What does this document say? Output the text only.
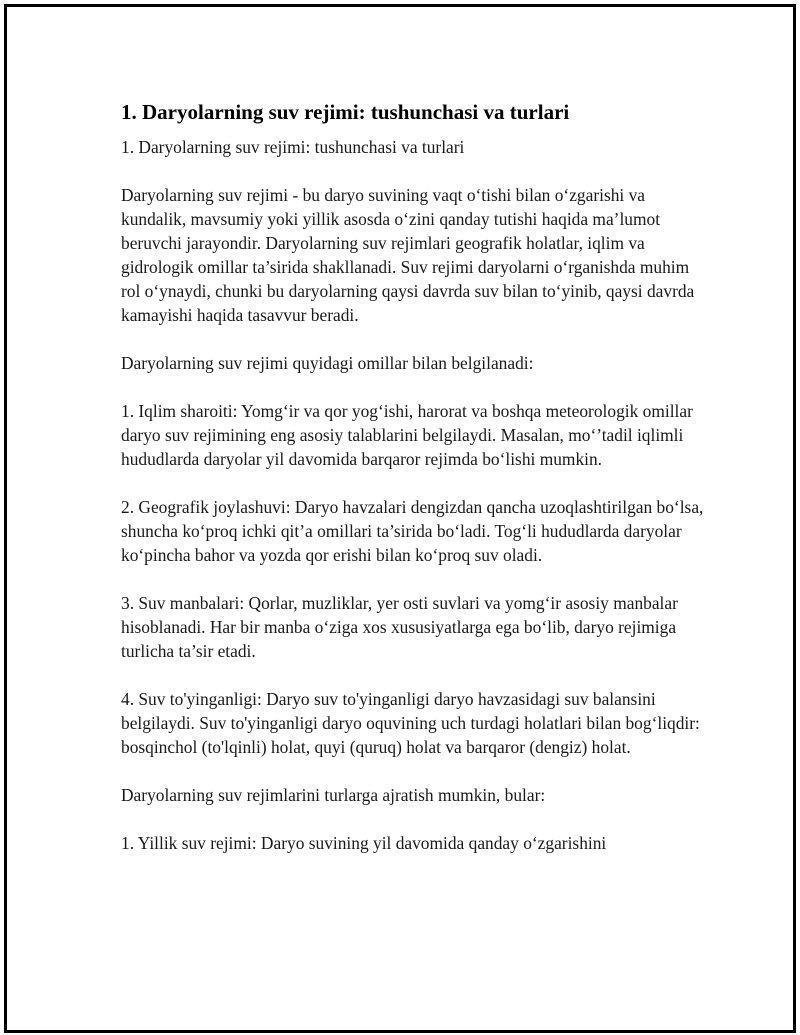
1. Daryolarning suv rejimi: tushunchasi va turlari

1. Daryolarning suv rejimi: tushunchasi va turlari

Daryolarning suv rejimi - bu daryo suvining vaqt o‘tishi bilan o‘zgarishi va kundalik, mavsumiy yoki yillik asosda o‘zini qanday tutishi haqida ma’lumot beruvchi jarayondir. Daryolarning suv rejimlari geografik holatlar, iqlim va gidrologik omillar ta’sirida shakllanadi. Suv rejimi daryolarni o‘rganishda muhim rol o‘ynaydi, chunki bu daryolarning qaysi davrda suv bilan to‘yinib, qaysi davrda kamayishi haqida tasavvur beradi.

Daryolarning suv rejimi quyidagi omillar bilan belgilanadi:

1. Iqlim sharoiti: Yomg‘ir va qor yog‘ishi, harorat va boshqa meteorologik omillar daryo suv rejimining eng asosiy talablarini belgilaydi. Masalan, mo‘’tadil iqlimli hududlarda daryolar yil davomida barqaror rejimda bo‘lishi mumkin.

2. Geografik joylashuvi: Daryo havzalari dengizdan qancha uzoqlashtirilgan bo‘lsa, shuncha ko‘proq ichki qit’a omillari ta’sirida bo‘ladi. Tog‘li hududlarda daryolar ko‘pincha bahor va yozda qor erishi bilan ko‘proq suv oladi.

3. Suv manbalari: Qorlar, muzliklar, yer osti suvlari va yomg‘ir asosiy manbalar hisoblanadi. Har bir manba o‘ziga xos xususiyatlarga ega bo‘lib, daryo rejimiga turlicha ta’sir etadi.

4. Suv to'yinganligi: Daryo suv to'yinganligi daryo havzasidagi suv balansini belgilaydi. Suv to'yinganligi daryo oquvining uch turdagi holatlari bilan bog‘liqdir: bosqinchol (to'lqinli) holat, quyi (quruq) holat va barqaror (dengiz) holat.

Daryolarning suv rejimlarini turlarga ajratish mumkin, bular:

1. Yillik suv rejimi: Daryo suvining yil davomida qanday o‘zgarishini
